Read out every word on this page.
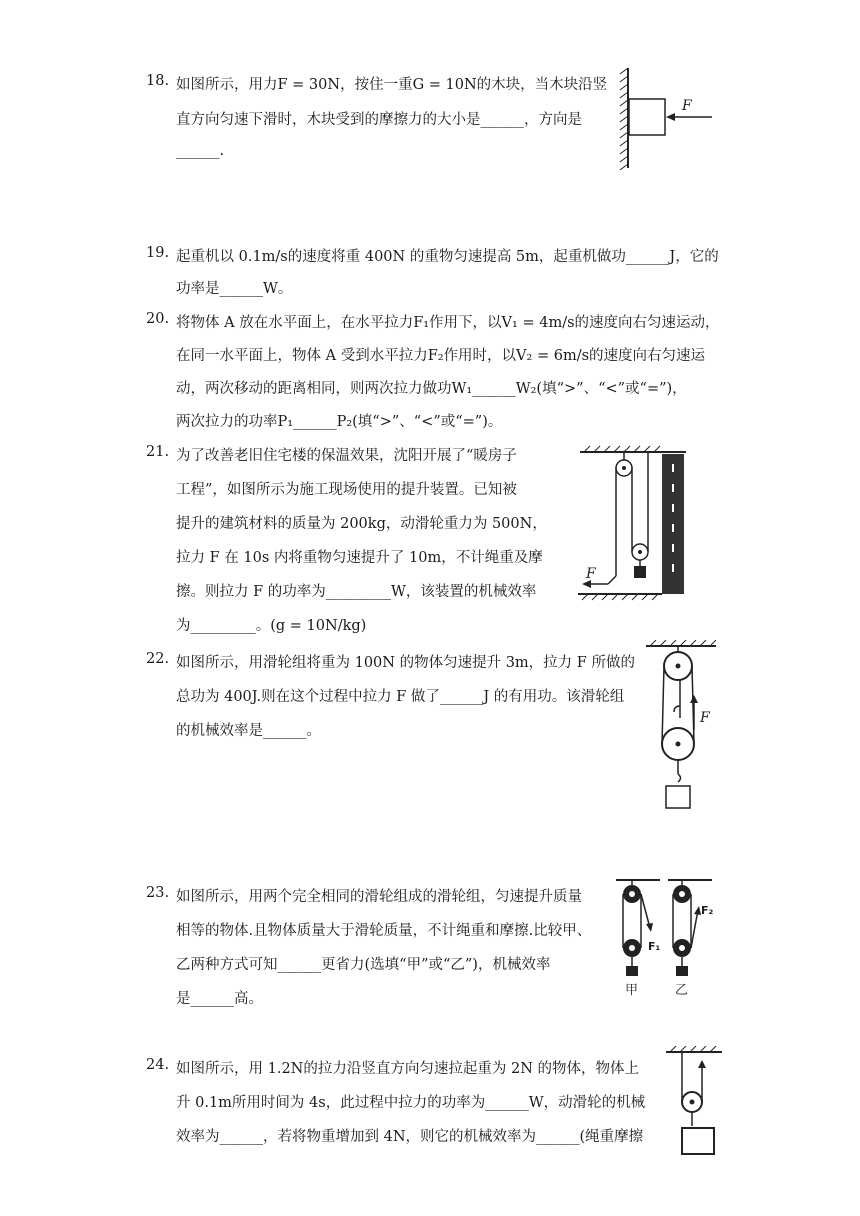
18. 如图所示，用力F = 30N，按住一重G = 10N的木块，当木块沿竖
直方向匀速下滑时，木块受到的摩擦力的大小是______，方向是
______.
F
19. 起重机以 0.1m/s的速度将重 400N 的重物匀速提高 5m，起重机做功______J，它的
功率是______W。
20. 将物体 A 放在水平面上，在水平拉力F₁作用下，以V₁ = 4m/s的速度向右匀速运动，
在同一水平面上，物体 A 受到水平拉力F₂作用时，以V₂ = 6m/s的速度向右匀速运
动，两次移动的距离相同，则两次拉力做功W₁______W₂(填“>”、“<”或“=”)，
两次拉力的功率P₁______P₂(填“>”、“<”或“=”)。
21. 为了改善老旧住宅楼的保温效果，沈阳开展了“暖房子
工程”，如图所示为施工现场使用的提升装置。已知被
提升的建筑材料的质量为 200kg，动滑轮重力为 500N，
拉力 F 在 10s 内将重物匀速提升了 10m，不计绳重及摩
擦。则拉力 F 的功率为_________W，该装置的机械效率
为_________。(g = 10N/kg)
F
22. 如图所示，用滑轮组将重为 100N 的物体匀速提升 3m，拉力 F 所做的
总功为 400J.则在这个过程中拉力 F 做了______J 的有用功。该滑轮组
的机械效率是______。
F
23. 如图所示，用两个完全相同的滑轮组成的滑轮组，匀速提升质量
相等的物体.且物体质量大于滑轮质量，不计绳重和摩擦.比较甲、
乙两种方式可知______更省力(选填“甲”或“乙”)，机械效率
是______高。
F₁
F₂
甲	乙
24. 如图所示，用 1.2N的拉力沿竖直方向匀速拉起重为 2N 的物体，物体上
升 0.1m所用时间为 4s，此过程中拉力的功率为______W，动滑轮的机械
效率为______，若将物重增加到 4N，则它的机械效率为______(绳重摩擦
